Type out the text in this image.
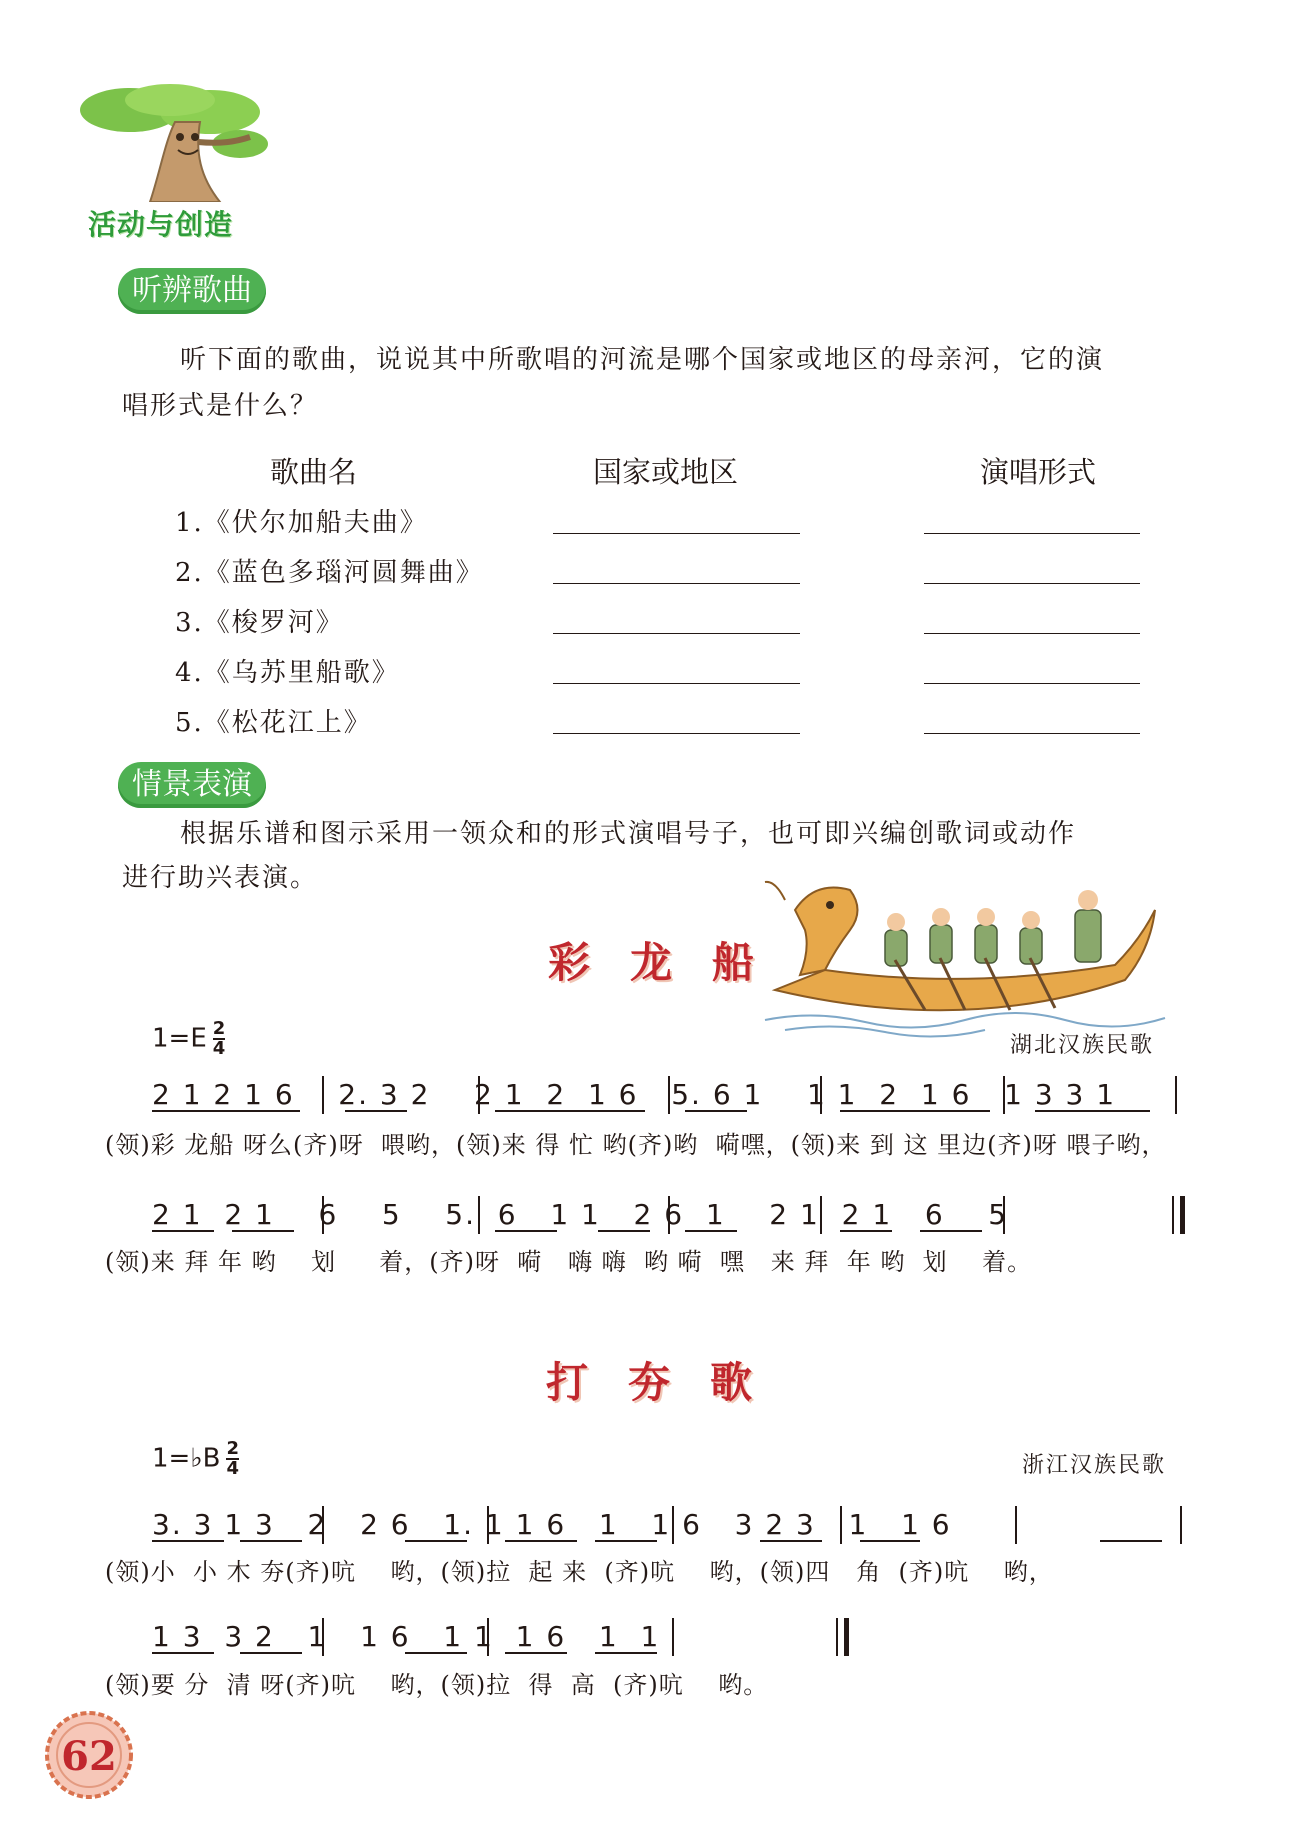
活动与创造
听辨歌曲
听下面的歌曲，说说其中所歌唱的河流是哪个国家或地区的母亲河，它的演
唱形式是什么？
歌曲名	国家或地区	演唱形式
1.《伏尔加船夫曲》
2.《蓝色多瑙河圆舞曲》
3.《梭罗河》
4.《乌苏里船歌》
5.《松花江上》
情景表演
根据乐谱和图示采用一领众和的形式演唱号子，也可即兴编创歌词或动作
进行助兴表演。
彩龙船
$1=E \frac{2}{4}$	湖北汉族民歌
2 1 2 1 6    2. 3 2    2 1  2  1 6   5. 6 1    1 1  2  1 6   1 3 3 1
(领)彩 龙船 呀么(齐)呀  喂哟，(领)来 得 忙 哟(齐)哟  嗬嘿，(领)来 到 这 里边(齐)呀 喂子哟，
2 1  2 1    6    5    5.  6   1 1   2 6  1    2 1  2 1   6    5
(领)来 拜 年 哟    划     着，(齐)呀  嗬   嗨 嗨  哟 嗬  嘿   来 拜  年 哟  划    着。
打夯歌
1=♭B $\frac{2}{4}$	浙江汉族民歌
3. 3 1 3   2   2 6   1. 1 1 6   1   1 6   3 2 3   1   1 6
(领)小  小 木 夯(齐)吭    哟，(领)拉  起 来  (齐)吭    哟，(领)四   角  (齐)吭    哟，
1 3  3 2   1   1 6   1 1  1 6   1  1
(领)要 分  清 呀(齐)吭    哟，(领)拉  得  高  (齐)吭    哟。
62
